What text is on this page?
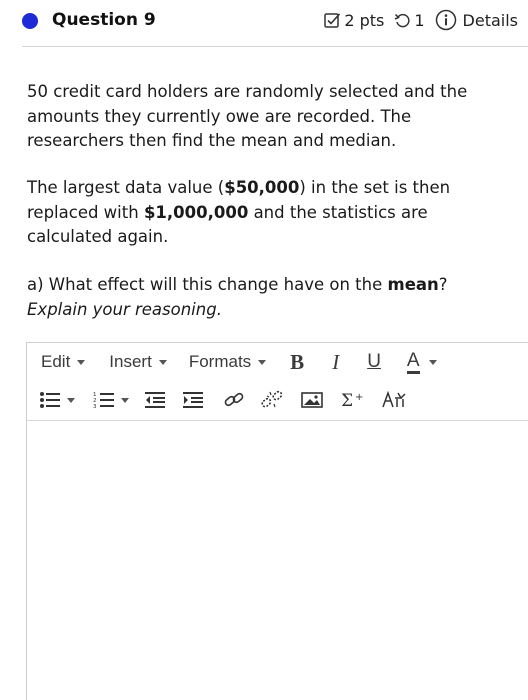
Question 9	2 pts 1 Details
50 credit card holders are randomly selected and the amounts they currently owe are recorded. The researchers then find the mean and median.
The largest data value ($50,000) in the set is then replaced with $1,000,000 and the statistics are calculated again.
a) What effect will this change have on the mean?
Explain your reasoning.
Edit Insert Formats B I U A
1
2
3	Σ +
